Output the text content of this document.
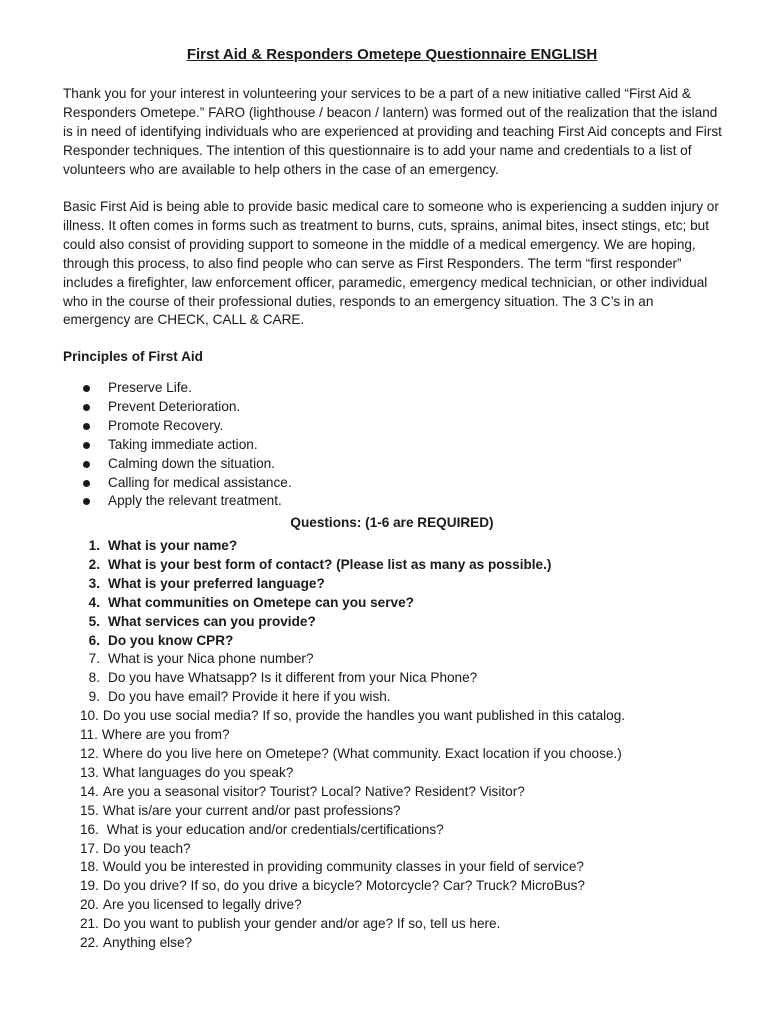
First Aid & Responders Ometepe Questionnaire ENGLISH

Thank you for your interest in volunteering your services to be a part of a new initiative called “First Aid & Responders Ometepe.” FARO (lighthouse / beacon / lantern) was formed out of the realization that the island is in need of identifying individuals who are experienced at providing and teaching First Aid concepts and First Responder techniques. The intention of this questionnaire is to add your name and credentials to a list of volunteers who are available to help others in the case of an emergency.

Basic First Aid is being able to provide basic medical care to someone who is experiencing a sudden injury or illness. It often comes in forms such as treatment to burns, cuts, sprains, animal bites, insect stings, etc; but could also consist of providing support to someone in the middle of a medical emergency. We are hoping, through this process, to also find people who can serve as First Responders. The term “first responder” includes a firefighter, law enforcement officer, paramedic, emergency medical technician, or other individual who in the course of their professional duties, responds to an emergency situation. The 3 C’s in an emergency are CHECK, CALL & CARE.

Principles of First Aid

Preserve Life.
Prevent Deterioration.
Promote Recovery.
Taking immediate action.
Calming down the situation.
Calling for medical assistance.
Apply the relevant treatment.

Questions: (1-6 are REQUIRED)

1. What is your name?
2. What is your best form of contact? (Please list as many as possible.)
3. What is your preferred language?
4. What communities on Ometepe can you serve?
5. What services can you provide?
6. Do you know CPR?
7. What is your Nica phone number?
8. Do you have Whatsapp? Is it different from your Nica Phone?
9. Do you have email? Provide it here if you wish.
10. Do you use social media? If so, provide the handles you want published in this catalog.
11. Where are you from?
12. Where do you live here on Ometepe? (What community. Exact location if you choose.)
13. What languages do you speak?
14. Are you a seasonal visitor? Tourist? Local? Native? Resident? Visitor?
15. What is/are your current and/or past professions?
16. What is your education and/or credentials/certifications?
17. Do you teach?
18. Would you be interested in providing community classes in your field of service?
19. Do you drive? If so, do you drive a bicycle? Motorcycle? Car? Truck? MicroBus?
20. Are you licensed to legally drive?
21. Do you want to publish your gender and/or age? If so, tell us here.
22. Anything else?
